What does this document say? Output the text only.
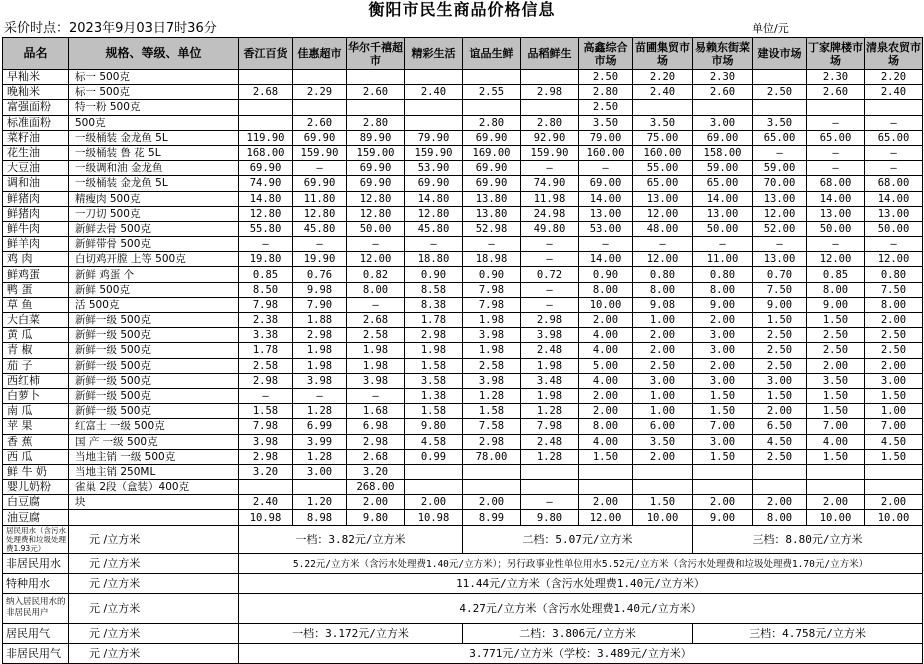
衡阳市民生商品价格信息
采价时点：2023年9月03日7时36分	单位/元
品名	规格、等级、单位	香江百货	佳惠超市	华尔千禧超 市	精彩生活	谊品生鲜	品稻鲜生	高鑫综合市场	苗圃集贸市场	易赖东街菜市场	建设市场	丁家牌楼市场	清泉农贸市场
早籼米	标一 500克							2.50	2.20	2.30		2.30	2.20
晚籼米	标一 500克	2.68	2.29	2.60	2.40	2.55	2.98	2.80	2.40	2.60	2.50	2.60	2.40
富强面粉	特一粉 500克							2.50					
标准面粉	500克		2.60	2.80		2.80	2.80	3.50	3.50	3.00	3.50	—	—
菜籽油	一级桶装 金龙鱼 5L	119.90	69.90	89.90	79.90	69.90	92.90	79.00	75.00	69.00	65.00	65.00	65.00
花生油	一级桶装 鲁 花 5L	168.00	159.90	159.00	159.90	169.00	159.90	160.00	160.00	158.00	—	—	—
大豆油	一级调和油 金龙鱼	69.90	—	69.90	53.90	69.90	—	—	55.00	59.00	59.00	—	—
调和油	一级桶装 金龙鱼 5L	74.90	69.90	69.90	69.90	69.90	74.90	69.00	65.00	65.00	70.00	68.00	68.00
鲜猪肉	精瘦肉 500克	14.80	11.80	12.80	14.80	13.80	11.98	14.00	13.00	14.00	13.00	14.00	14.00
鲜猪肉	一刀切 500克	12.80	12.80	12.80	12.80	13.80	24.98	13.00	12.00	13.00	12.00	13.00	13.00
鲜牛肉	新鲜去骨 500克	55.80	45.80	50.00	45.80	52.98	49.80	53.00	48.00	50.00	52.00	50.00	50.00
鲜羊肉	新鲜带骨 500克	—	—	—	—	—	—	—	—	—	—	—	—
鸡 肉	白切鸡开膛 上等 500克	19.80	19.90	12.00	18.80	18.98	—	14.00	12.00	11.00	13.00	12.00	12.00
鲜鸡蛋	新鲜 鸡蛋 个	0.85	0.76	0.82	0.90	0.90	0.72	0.90	0.80	0.80	0.70	0.85	0.80
鸭 蛋	新鲜 500克	8.50	9.98	8.00	8.58	7.98	—	8.00	8.00	8.00	7.50	8.00	7.50
草 鱼	活 500克	7.98	7.90	—	8.38	7.98	—	10.00	9.08	9.00	9.00	9.00	8.00
大白菜	新鲜一级 500克	2.38	1.88	2.68	1.78	1.98	2.98	2.00	1.00	2.00	1.50	1.50	2.00
黄 瓜	新鲜一级 500克	3.38	2.98	2.58	2.98	3.98	3.98	4.00	2.00	3.00	2.50	2.50	2.50
青 椒	新鲜一级 500克	1.78	1.98	1.98	1.98	1.98	2.48	4.00	2.00	3.00	2.50	2.50	2.50
茄 子	新鲜一级 500克	2.58	1.98	1.98	1.58	2.58	1.98	5.00	2.50	2.00	2.50	2.00	2.00
西红柿	新鲜一级 500克	2.98	3.98	3.98	3.58	3.98	3.48	4.00	3.00	3.00	3.00	3.50	3.00
白萝卜	新鲜一级 500克	—	—	—	1.38	1.28	1.98	2.00	1.00	1.50	1.50	1.50	1.50
南 瓜	新鲜一级 500克	1.58	1.28	1.68	1.58	1.58	1.28	2.00	1.00	1.50	2.00	1.50	1.00
苹 果	红富士 一级 500克	7.98	6.99	6.98	9.80	7.58	7.98	8.00	6.00	7.00	6.50	7.00	7.00
香 蕉	国 产 一级 500克	3.98	3.99	2.98	4.58	2.98	2.48	4.00	3.50	3.00	4.50	4.00	4.50
西 瓜	当地主销 一级 500克	2.98	1.28	2.68	0.99	78.00	1.28	1.50	2.00	1.50	2.50	1.50	1.50
鲜 牛 奶	当地主销 250ML	3.20	3.00	3.20									
婴儿奶粉	雀巢 2段（盒装）400克			268.00									
白豆腐	块	2.40	1.20	2.00	2.00	2.00	—	2.00	1.50	2.00	2.00	2.00	2.00
油豆腐		10.98	8.98	9.80	10.98	8.99	9.80	12.00	10.00	9.00	8.00	10.00	10.00
居民用水（含污水处理费和垃圾处理费1.93元）	元 /立方米	一档：3.82元/立方米				二档：5.07元/立方米				三档：8.80元/立方米			
非居民用水	元 /立方米	5.22元/立方米（含污水处理费1.40元/立方米）；另行政事业性单位用水5.52元/立方米（含污水处理费和垃圾处理费1.70元/立方米）											
特种用水	元 /立方米	11.44元/立方米（含污水处理费1.40元/立方米）											
纳入居民用水的非居民用户	元 /立方米	4.27元/立方米（含污水处理费1.40元/立方米）											
居民用气	元 /立方米	一档：3.172元/立方米				二档：3.806元/立方米				三档：4.758元/立方米			
非居民用气	元 /立方米	3.771元/立方米（学校：3.489元/立方米）											
